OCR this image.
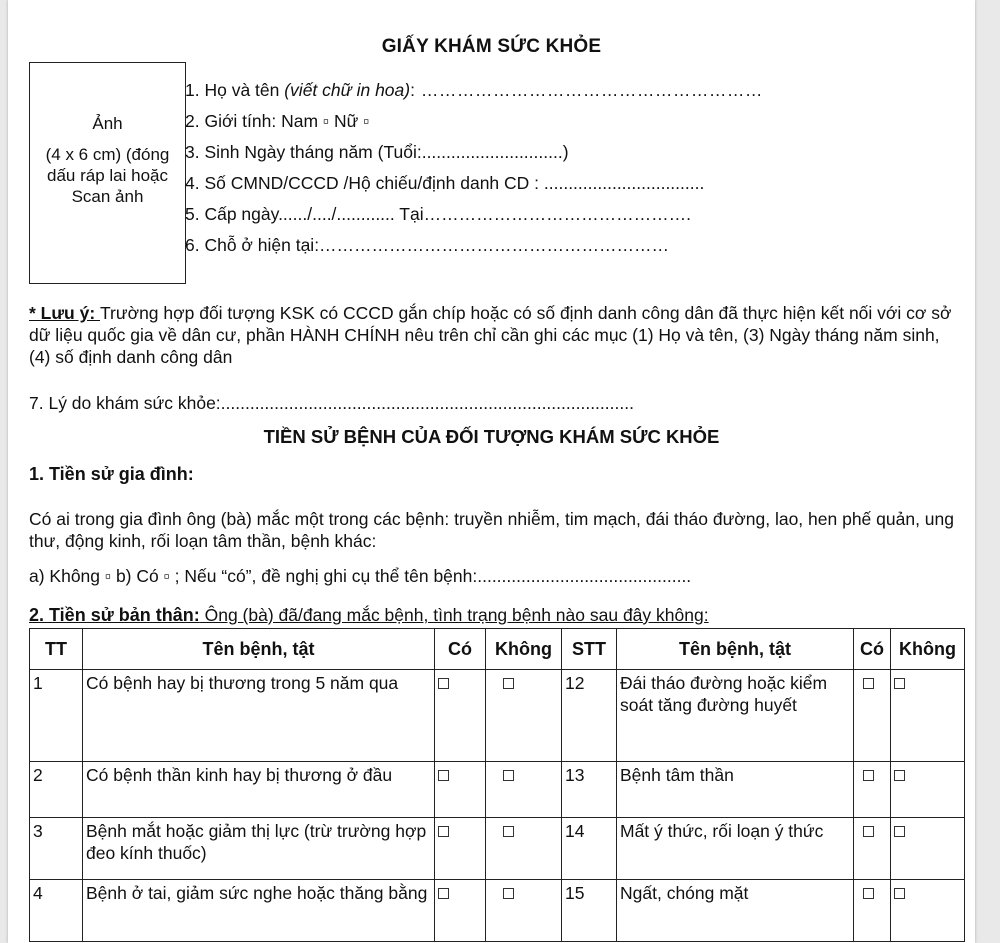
GIẤY KHÁM SỨC KHỎE
Ảnh
(4 x 6 cm) (đóng dấu ráp lai hoặc Scan ảnh
1. Họ và tên (viết chữ in hoa): …………………………………………………
2. Giới tính: Nam ▫ Nữ ▫
3. Sinh Ngày tháng năm (Tuổi:.............................)
4. Số CMND/CCCD /Hộ chiếu/định danh CD : .................................
5. Cấp ngày....../..../............ Tại……………………………………….
6. Chỗ ở hiện tại:……………………………………………………
* Lưu ý: Trường hợp đối tượng KSK có CCCD gắn chíp hoặc có số định danh công dân đã thực hiện kết nối với cơ sở dữ liệu quốc gia về dân cư, phần HÀNH CHÍNH nêu trên chỉ cần ghi các mục (1) Họ và tên, (3) Ngày tháng năm sinh, (4) số định danh công dân
7. Lý do khám sức khỏe:.....................................................................................
TIỀN SỬ BỆNH CỦA ĐỐI TƯỢNG KHÁM SỨC KHỎE
1. Tiền sử gia đình:
Có ai trong gia đình ông (bà) mắc một trong các bệnh: truyền nhiễm, tim mạch, đái tháo đường, lao, hen phế quản, ung thư, động kinh, rối loạn tâm thần, bệnh khác:
a) Không ▫ b) Có ▫ ; Nếu “có”, đề nghị ghi cụ thể tên bệnh:............................................
2. Tiền sử bản thân: Ông (bà) đã/đang mắc bệnh, tình trạng bệnh nào sau đây không:
TT	Tên bệnh, tật	Có	Không	STT	Tên bệnh, tật	Có	Không
1	Có bệnh hay bị thương trong 5 năm qua			12	Đái tháo đường hoặc kiểm soát tăng đường huyết		
2	Có bệnh thần kinh hay bị thương ở đầu			13	Bệnh tâm thần		
3	Bệnh mắt hoặc giảm thị lực (trừ trường hợp đeo kính thuốc)			14	Mất ý thức, rối loạn ý thức		
4	Bệnh ở tai, giảm sức nghe hoặc thăng bằng			15	Ngất, chóng mặt		
